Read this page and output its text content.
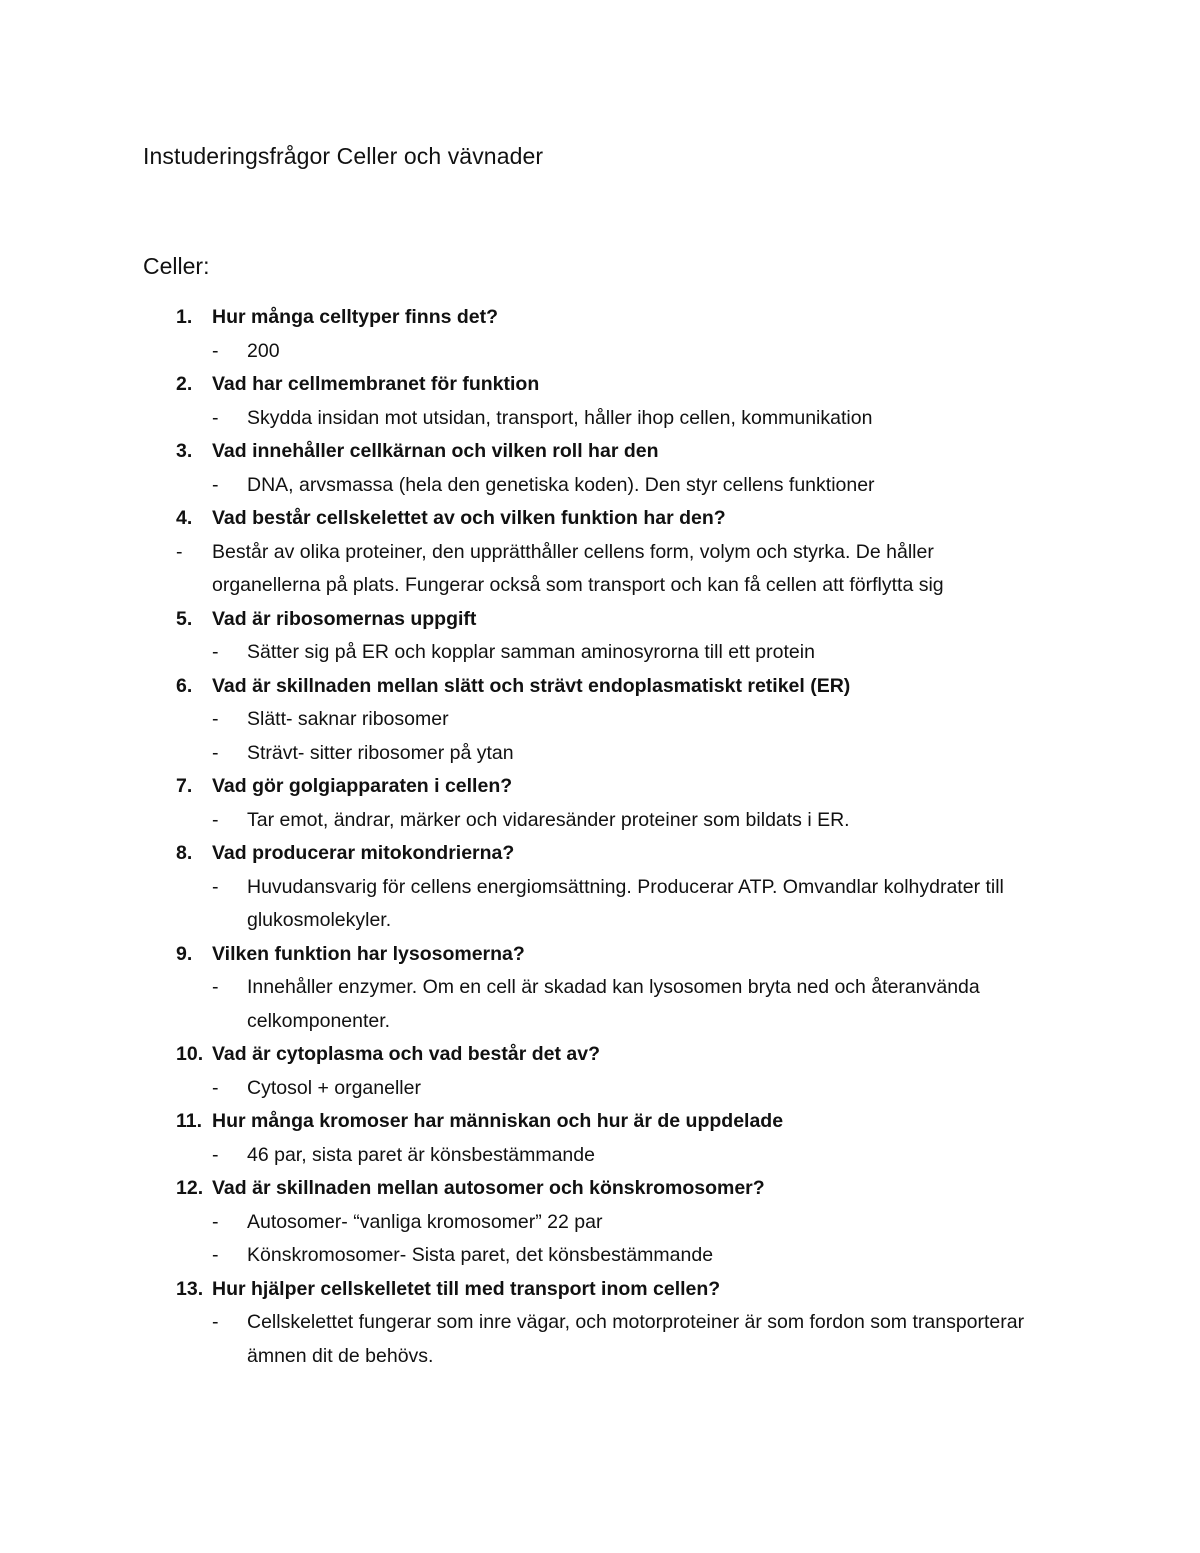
Instuderingsfrågor Celler och vävnader
Celler:
1. Hur många celltyper finns det?
- 200
2. Vad har cellmembranet för funktion
- Skydda insidan mot utsidan, transport, håller ihop cellen, kommunikation
3. Vad innehåller cellkärnan och vilken roll har den
- DNA, arvsmassa (hela den genetiska koden). Den styr cellens funktioner
4. Vad består cellskelettet av och vilken funktion har den?
- Består av olika proteiner, den upprätthåller cellens form, volym och styrka. De håller organellerna på plats. Fungerar också som transport och kan få cellen att förflytta sig
5. Vad är ribosomernas uppgift
- Sätter sig på ER och kopplar samman aminosyrorna till ett protein
6. Vad är skillnaden mellan slätt och strävt endoplasmatiskt retikel (ER)
- Slätt- saknar ribosomer
- Strävt- sitter ribosomer på ytan
7. Vad gör golgiapparaten i cellen?
- Tar emot, ändrar, märker och vidaresänder proteiner som bildats i ER.
8. Vad producerar mitokondrierna?
- Huvudansvarig för cellens energiomsättning. Producerar ATP. Omvandlar kolhydrater till glukosmolekyler.
9. Vilken funktion har lysosomerna?
- Innehåller enzymer. Om en cell är skadad kan lysosomen bryta ned och återanvända celkomponenter.
10. Vad är cytoplasma och vad består det av?
- Cytosol + organeller
11. Hur många kromoser har människan och hur är de uppdelade
- 46 par, sista paret är könsbestämmande
12. Vad är skillnaden mellan autosomer och könskromosomer?
- Autosomer- “vanliga kromosomer” 22 par
- Könskromosomer- Sista paret, det könsbestämmande
13. Hur hjälper cellskelletet till med transport inom cellen?
- Cellskelettet fungerar som inre vägar, och motorproteiner är som fordon som transporterar ämnen dit de behövs.
